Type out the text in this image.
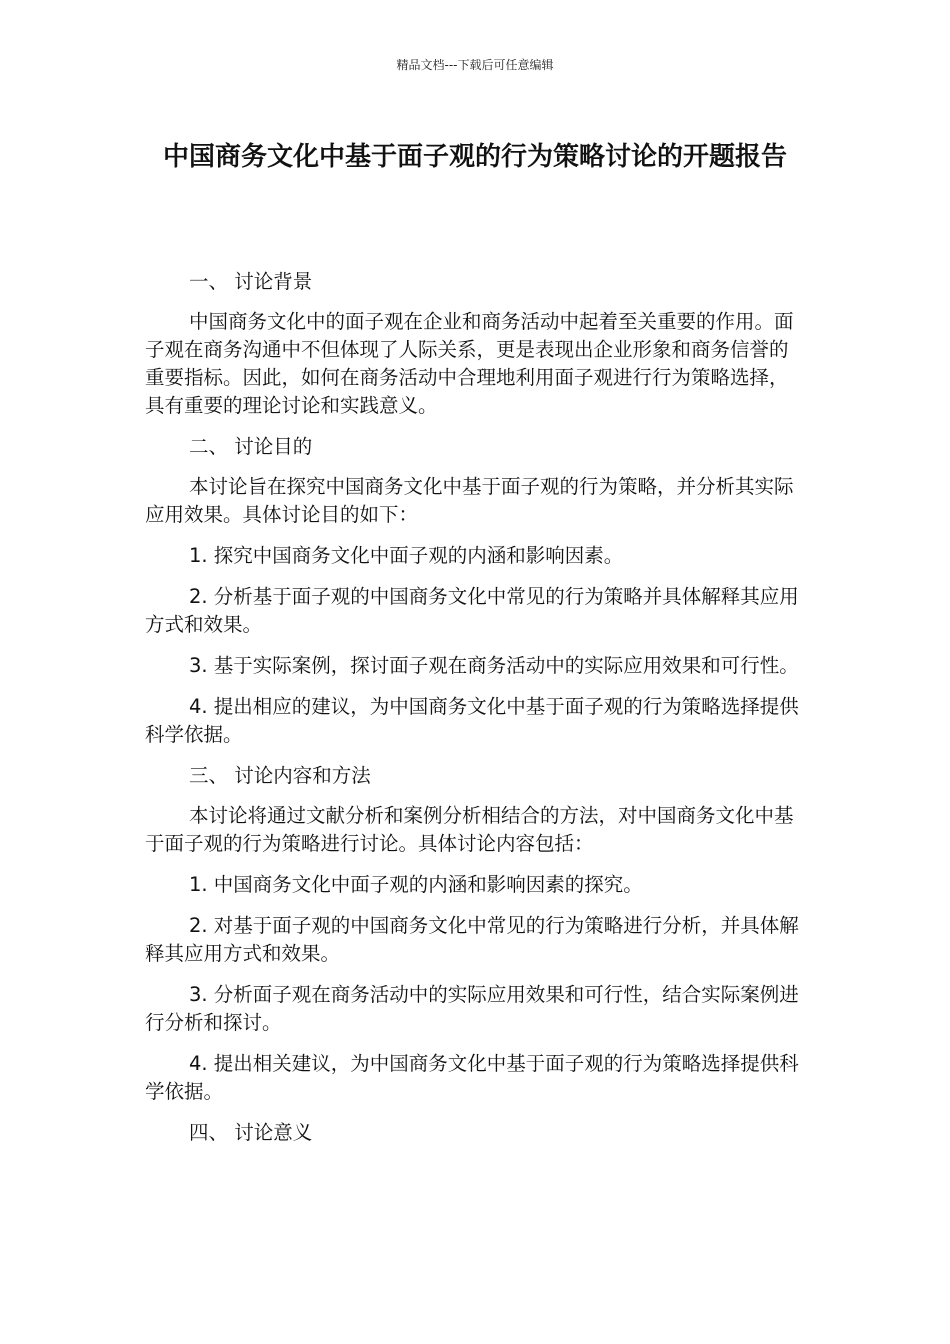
精品文档---下载后可任意编辑
中国商务文化中基于面子观的行为策略讨论的开题报告

一、 讨论背景

中国商务文化中的面子观在企业和商务活动中起着至关重要的作用。面子观在商务沟通中不但体现了人际关系，更是表现出企业形象和商务信誉的重要指标。因此，如何在商务活动中合理地利用面子观进行行为策略选择，具有重要的理论讨论和实践意义。

二、 讨论目的

本讨论旨在探究中国商务文化中基于面子观的行为策略，并分析其实际应用效果。具体讨论目的如下：

1. 探究中国商务文化中面子观的内涵和影响因素。

2. 分析基于面子观的中国商务文化中常见的行为策略并具体解释其应用方式和效果。

3. 基于实际案例，探讨面子观在商务活动中的实际应用效果和可行性。

4. 提出相应的建议，为中国商务文化中基于面子观的行为策略选择提供科学依据。

三、 讨论内容和方法

本讨论将通过文献分析和案例分析相结合的方法，对中国商务文化中基于面子观的行为策略进行讨论。具体讨论内容包括：

1. 中国商务文化中面子观的内涵和影响因素的探究。

2. 对基于面子观的中国商务文化中常见的行为策略进行分析，并具体解释其应用方式和效果。

3. 分析面子观在商务活动中的实际应用效果和可行性，结合实际案例进行分析和探讨。

4. 提出相关建议，为中国商务文化中基于面子观的行为策略选择提供科学依据。

四、 讨论意义
